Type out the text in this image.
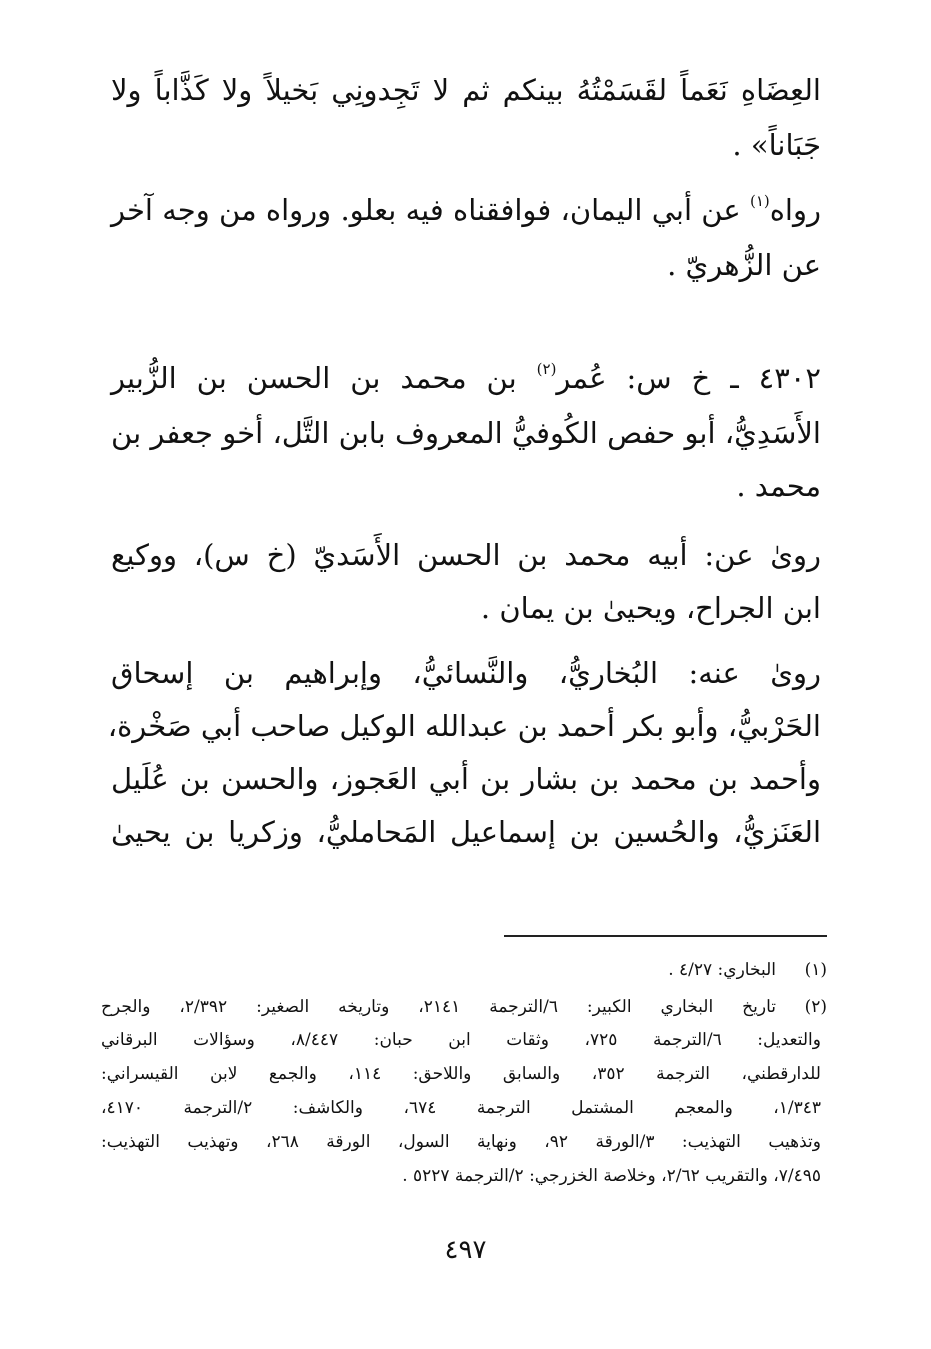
العِضَاهِ نَعَماً لقَسَمْتُهُ بينكم ثم لا تَجِدونِي بَخيلاً ولا كَذَّاباً ولا
جَبَاناً» .
رواه$^{(١)}$ عن أبي اليمان، فوافقناه فيه بعلو. ورواه من وجه آخر
عن الزُّهريّ .
٤٣٠٢ ـ خ س: عُمر$^{(٢)}$ بن محمد بن الحسن بن الزُّبير
الأَسَدِيُّ، أبو حفص الكُوفيُّ المعروف بابن التَّل، أخو جعفر بن
محمد .
روىٰ عن: أبيه محمد بن الحسن الأَسَديّ (خ س)، ووكيع
ابن الجراح، ويحيىٰ بن يمان .
روىٰ عنه: البُخاريُّ، والنَّسائيُّ، وإبراهيم بن إسحاق
الحَرْبيُّ، وأبو بكر أحمد بن عبدالله الوكيل صاحب أبي صَخْرة،
وأحمد بن محمد بن بشار بن أبي العَجوز، والحسن بن عُلَيل
العَنَزيُّ، والحُسين بن إسماعيل المَحامليُّ، وزكريا بن يحيىٰ
(١)
البخاري: ٤/٢٧ .
(٢)
تاريخ البخاري الكبير: ٦/الترجمة ٢١٤١، وتاريخه الصغير: ٢/٣٩٢، والجرح
والتعديل: ٦/الترجمة ٧٢٥، وثقات ابن حبان: ٨/٤٤٧، وسؤالات البرقاني
للدارقطني، الترجمة ٣٥٢، والسابق واللاحق: ١١٤، والجمع لابن القيسراني:
١/٣٤٣، والمعجم المشتمل الترجمة ٦٧٤، والكاشف: ٢/الترجمة ٤١٧٠،
وتذهيب التهذيب: ٣/الورقة ٩٢، ونهاية السول، الورقة ٢٦٨، وتهذيب التهذيب:
٧/٤٩٥، والتقريب ٢/٦٢، وخلاصة الخزرجي: ٢/الترجمة ٥٢٢٧ .
٤٩٧
